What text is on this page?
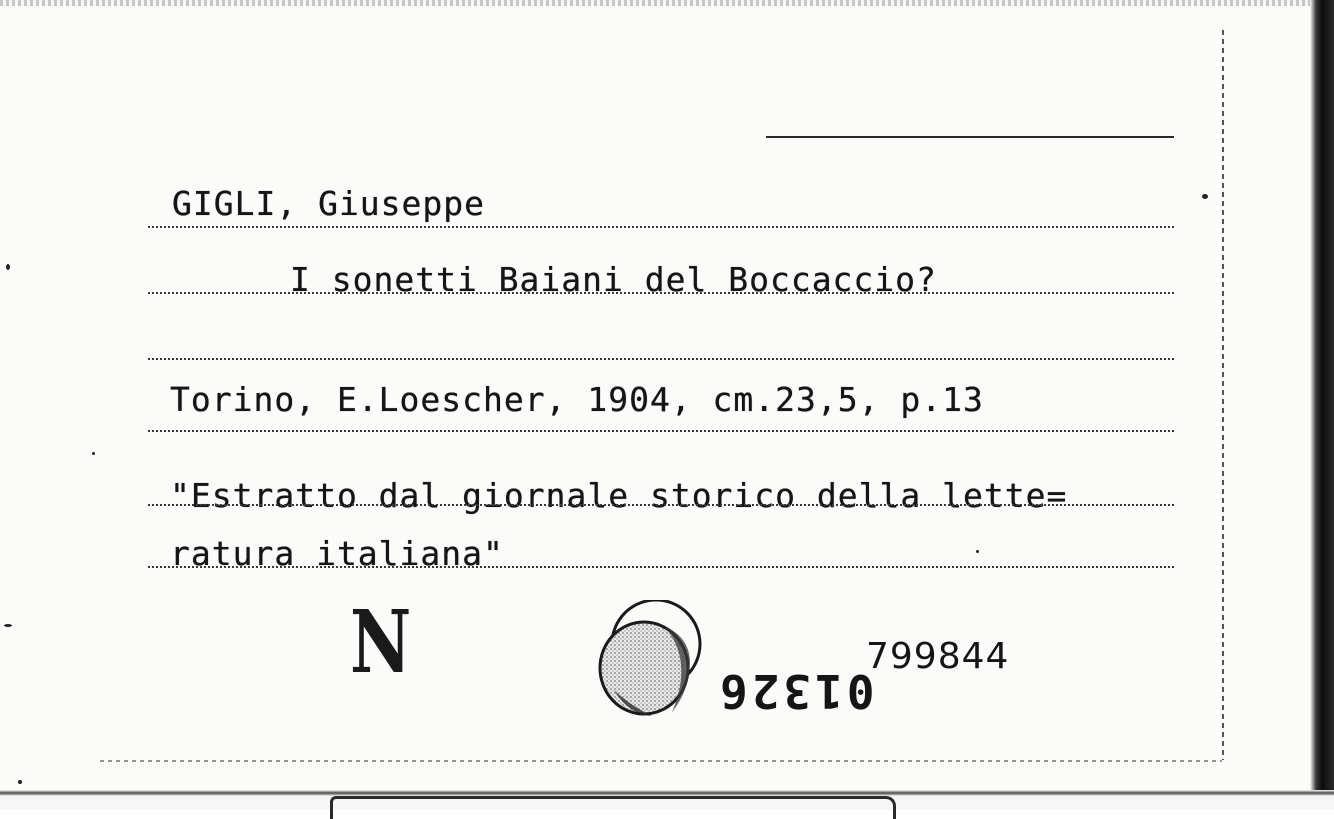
GIGLI, Giuseppe
I sonetti Baiani del Boccaccio?
Torino, E.Loescher, 1904, cm.23,5, p.13
"Estratto dal giornale storico della lette=
ratura italiana"
N	799844
01326
